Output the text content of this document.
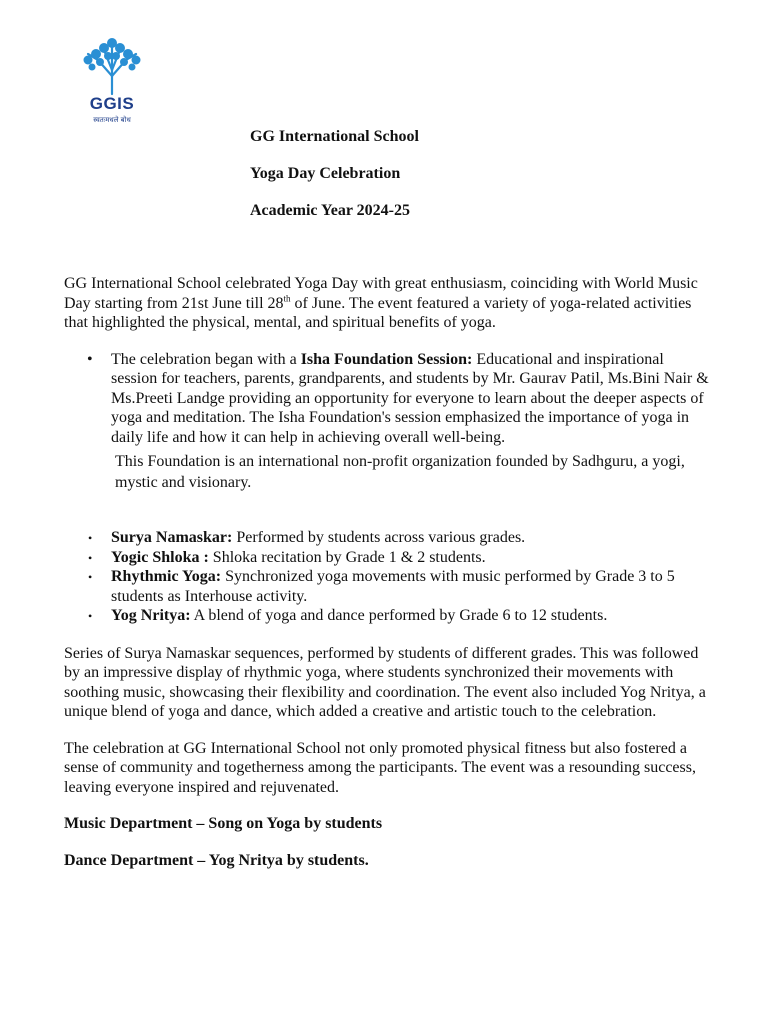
GGIS
स्वतःमधले बोध
GG International School
Yoga Day Celebration
Academic Year 2024-25

GG International School celebrated Yoga Day with great enthusiasm, coinciding with World Music Day starting from 21st June till 28th of June. The event featured a variety of yoga-related activities that highlighted the physical, mental, and spiritual benefits of yoga.

• The celebration began with a Isha Foundation Session: Educational and inspirational session for teachers, parents, grandparents, and students by Mr. Gaurav Patil, Ms.Bini Nair & Ms.Preeti Landge providing an opportunity for everyone to learn about the deeper aspects of yoga and meditation. The Isha Foundation's session emphasized the importance of yoga in daily life and how it can help in achieving overall well-being.
This Foundation is an international non-profit organization founded by Sadhguru, a yogi, mystic and visionary.
• Surya Namaskar: Performed by students across various grades.
• Yogic Shloka : Shloka recitation by Grade 1 & 2 students.
• Rhythmic Yoga: Synchronized yoga movements with music performed by Grade 3 to 5 students as Interhouse activity.
• Yog Nritya: A blend of yoga and dance performed by Grade 6 to 12 students.

Series of Surya Namaskar sequences, performed by students of different grades. This was followed by an impressive display of rhythmic yoga, where students synchronized their movements with soothing music, showcasing their flexibility and coordination. The event also included Yog Nritya, a unique blend of yoga and dance, which added a creative and artistic touch to the celebration.

The celebration at GG International School not only promoted physical fitness but also fostered a sense of community and togetherness among the participants. The event was a resounding success, leaving everyone inspired and rejuvenated.

Music Department – Song on Yoga by students
Dance Department – Yog Nritya by students.
